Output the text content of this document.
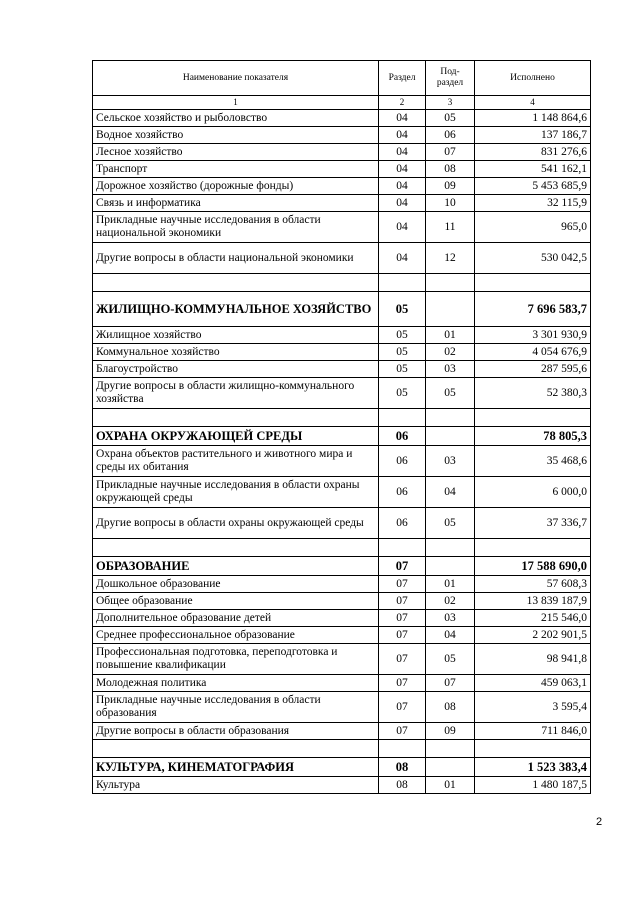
Наименование показателя	Раздел	Под-раздел	Исполнено
1	2	3	4
Сельское хозяйство и рыболовство	04	05	1 148 864,6
Водное хозяйство	04	06	137 186,7
Лесное хозяйство	04	07	831 276,6
Транспорт	04	08	541 162,1
Дорожное хозяйство (дорожные фонды)	04	09	5 453 685,9
Связь и информатика	04	10	32 115,9
Прикладные научные исследования в области национальной экономики	04	11	965,0
Другие вопросы в области национальной экономики	04	12	530 042,5

ЖИЛИЩНО-КОММУНАЛЬНОЕ ХОЗЯЙСТВО	05		7 696 583,7
Жилищное хозяйство	05	01	3 301 930,9
Коммунальное хозяйство	05	02	4 054 676,9
Благоустройство	05	03	287 595,6
Другие вопросы в области жилищно-коммунального хозяйства	05	05	52 380,3

ОХРАНА ОКРУЖАЮЩЕЙ СРЕДЫ	06		78 805,3
Охрана объектов растительного и животного мира и среды их обитания	06	03	35 468,6
Прикладные научные исследования в области охраны окружающей среды	06	04	6 000,0
Другие вопросы в области охраны окружающей среды	06	05	37 336,7

ОБРАЗОВАНИЕ	07		17 588 690,0
Дошкольное образование	07	01	57 608,3
Общее образование	07	02	13 839 187,9
Дополнительное образование детей	07	03	215 546,0
Среднее профессиональное образование	07	04	2 202 901,5
Профессиональная подготовка, переподготовка и повышение квалификации	07	05	98 941,8
Молодежная политика	07	07	459 063,1
Прикладные научные исследования в области образования	07	08	3 595,4
Другие вопросы в области образования	07	09	711 846,0

КУЛЬТУРА, КИНЕМАТОГРАФИЯ	08		1 523 383,4
Культура	08	01	1 480 187,5
2
